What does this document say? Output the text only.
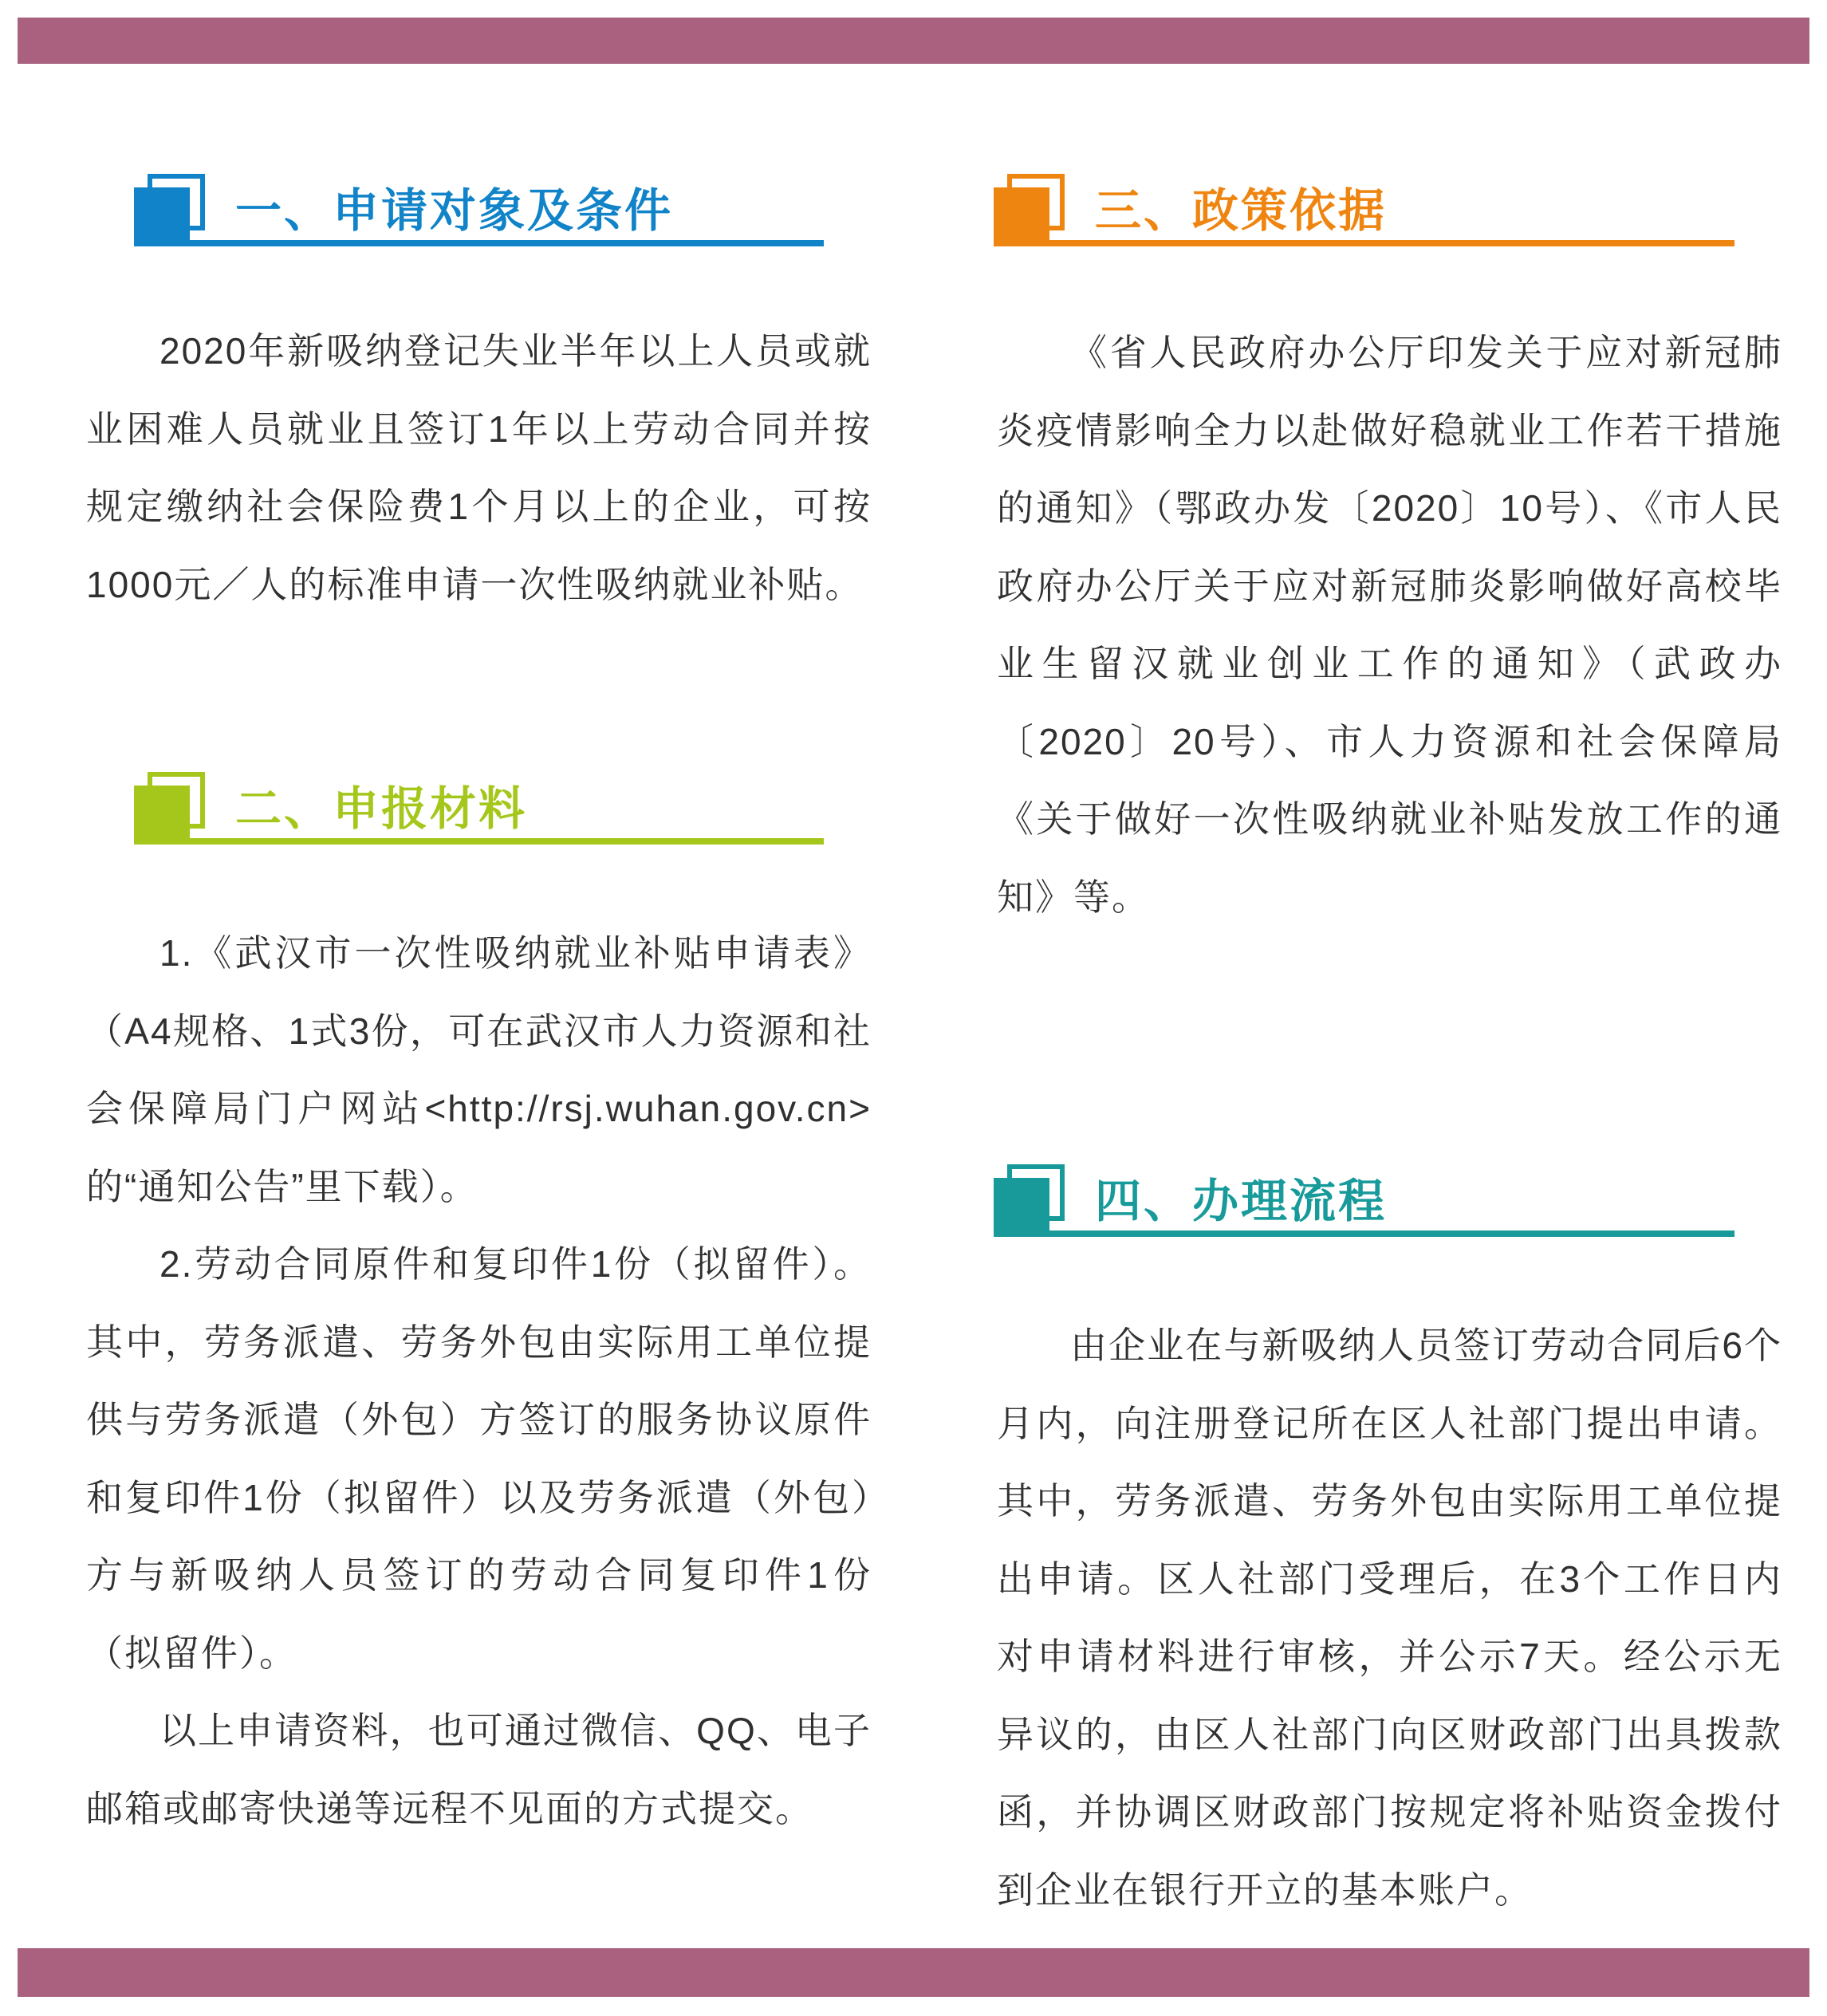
一、申请对象及条件

2020年新吸纳登记失业半年以上人员或就业困难人员就业且签订1年以上劳动合同并按规定缴纳社会保险费1个月以上的企业，可按1000元／人的标准申请一次性吸纳就业补贴。

二、申报材料

1.《武汉市一次性吸纳就业补贴申请表》（A4规格、1式3份，可在武汉市人力资源和社会保障局门户网站<http://rsj.wuhan.gov.cn>的“通知公告”里下载）。

2.劳动合同原件和复印件1份（拟留件）。其中，劳务派遣、劳务外包由实际用工单位提供与劳务派遣（外包）方签订的服务协议原件和复印件1份（拟留件）以及劳务派遣（外包）方与新吸纳人员签订的劳动合同复印件1份（拟留件）。

以上申请资料，也可通过微信、QQ、电子邮箱或邮寄快递等远程不见面的方式提交。

三、政策依据

《省人民政府办公厅印发关于应对新冠肺炎疫情影响全力以赴做好稳就业工作若干措施的通知》（鄂政办发〔2020〕10号）、《市人民政府办公厅关于应对新冠肺炎影响做好高校毕业生留汉就业创业工作的通知》（武政办〔2020〕20号）、市人力资源和社会保障局《关于做好一次性吸纳就业补贴发放工作的通知》等。

四、办理流程

由企业在与新吸纳人员签订劳动合同后6个月内，向注册登记所在区人社部门提出申请。其中，劳务派遣、劳务外包由实际用工单位提出申请。区人社部门受理后，在3个工作日内对申请材料进行审核，并公示7天。经公示无异议的，由区人社部门向区财政部门出具拨款函，并协调区财政部门按规定将补贴资金拨付到企业在银行开立的基本账户。
